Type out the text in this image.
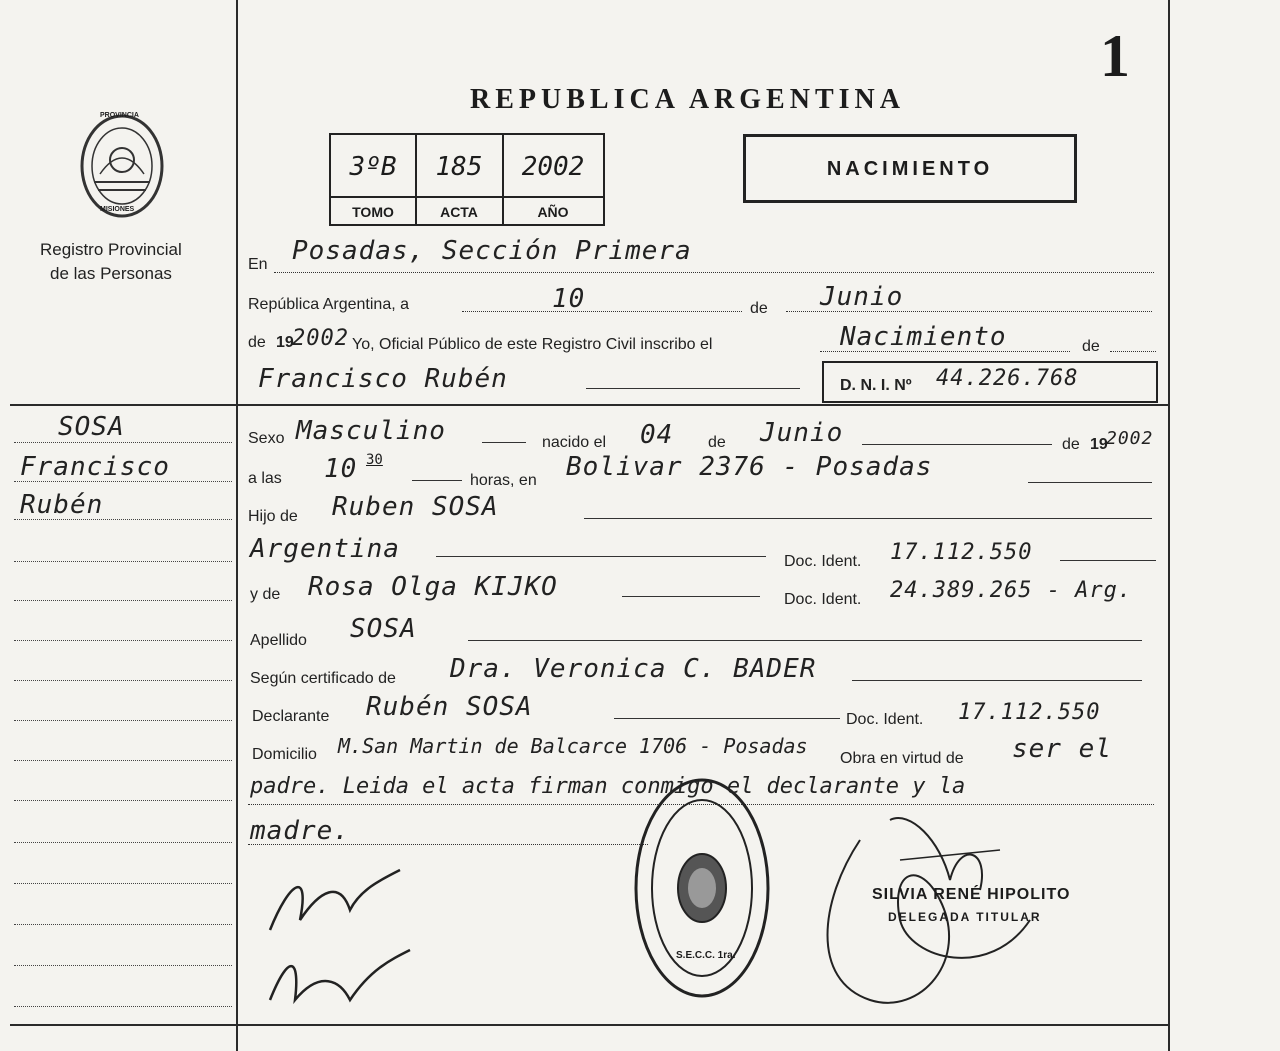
1
PROVINCIA
MISIONES
Registro Provincial
de las Personas
REPUBLICA ARGENTINA
3ºB	185	2002
TOMO	ACTA	AÑO
NACIMIENTO
SOSA
Francisco
Rubén
En Posadas, Sección Primera
República Argentina, a	10	de Junio
de 19
2002 Yo, Oficial Público de este Registro Civil inscribo el	Nacimiento	de
Francisco Rubén	D. N. I. Nº 44.226.768
Sexo Masculino	nacido el 04 de Junio	de 19
2002
a las 10 30
horas, en Bolivar 2376 - Posadas
Hijo de Ruben SOSA
Argentina	Doc. Ident. 17.112.550
y de Rosa Olga KIJKO	Doc. Ident. 24.389.265 - Arg.
Apellido SOSA
Según certificado de Dra. Veronica C. BADER
Declarante Rubén SOSA	Doc. Ident. 17.112.550
Domicilio M.San Martin de Balcarce 1706 - Posadas
Obra en virtud de ser el
padre. Leida el acta firman conmigo el declarante y la
madre.
S.E.C.C. 1ra.
SILVIA RENÉ HIPOLITO
DELEGADA TITULAR
